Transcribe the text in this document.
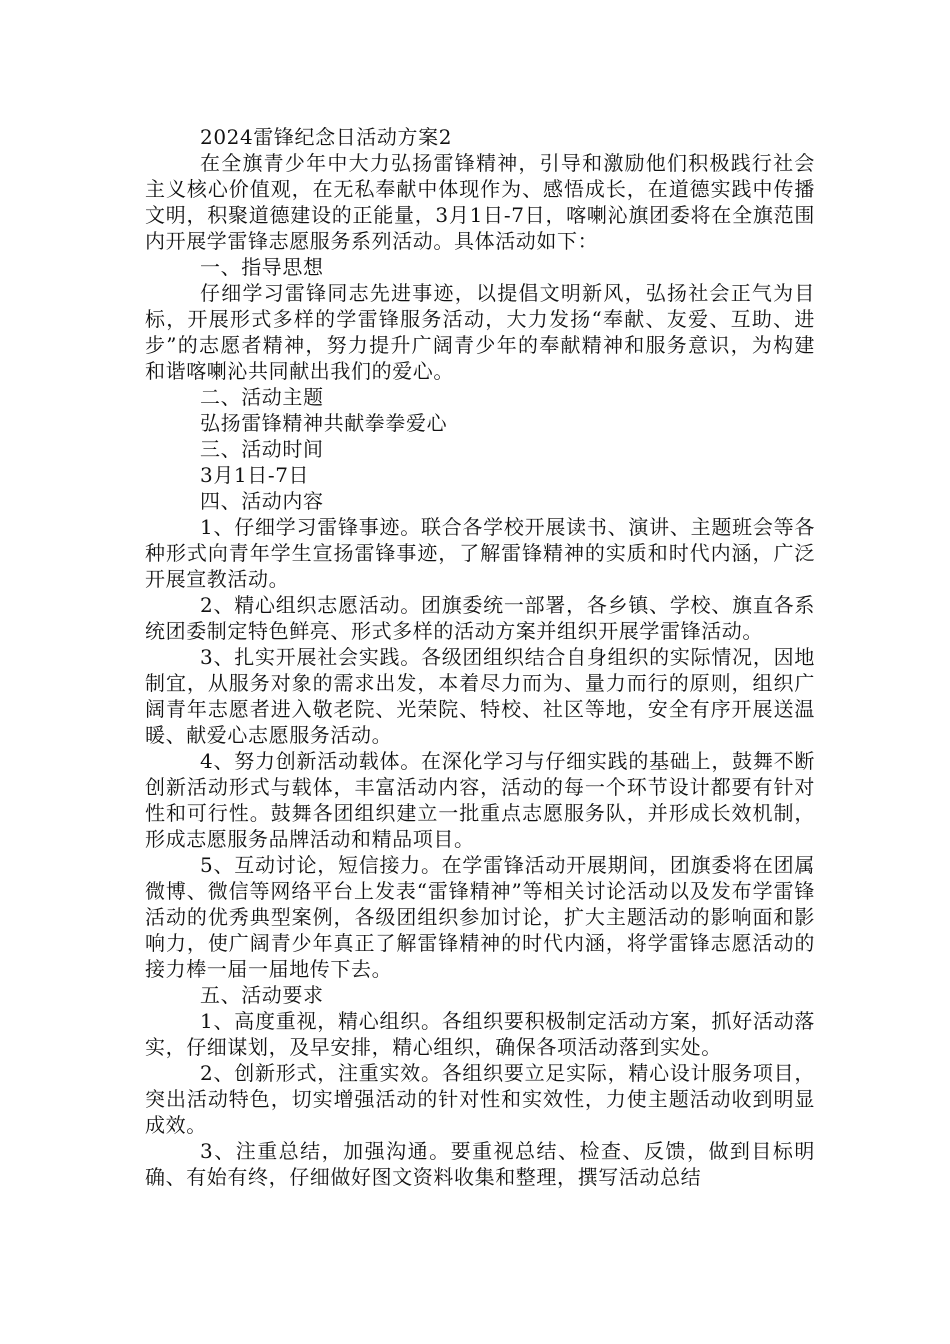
2024雷锋纪念日活动方案2

在全旗青少年中大力弘扬雷锋精神，引导和激励他们积极践行社会主义核心价值观，在无私奉献中体现作为、感悟成长，在道德实践中传播文明，积聚道德建设的正能量，3月1日-7日，喀喇沁旗团委将在全旗范围内开展学雷锋志愿服务系列活动。具体活动如下：

一、指导思想

仔细学习雷锋同志先进事迹，以提倡文明新风，弘扬社会正气为目标，开展形式多样的学雷锋服务活动，大力发扬“奉献、友爱、互助、进步”的志愿者精神，努力提升广阔青少年的奉献精神和服务意识，为构建和谐喀喇沁共同献出我们的爱心。

二、活动主题

弘扬雷锋精神共献拳拳爱心

三、活动时间

3月1日-7日

四、活动内容

1、仔细学习雷锋事迹。联合各学校开展读书、演讲、主题班会等各种形式向青年学生宣扬雷锋事迹，了解雷锋精神的实质和时代内涵，广泛开展宣教活动。

2、精心组织志愿活动。团旗委统一部署，各乡镇、学校、旗直各系统团委制定特色鲜亮、形式多样的活动方案并组织开展学雷锋活动。

3、扎实开展社会实践。各级团组织结合自身组织的实际情况，因地制宜，从服务对象的需求出发，本着尽力而为、量力而行的原则，组织广阔青年志愿者进入敬老院、光荣院、特校、社区等地，安全有序开展送温暖、献爱心志愿服务活动。

4、努力创新活动载体。在深化学习与仔细实践的基础上，鼓舞不断创新活动形式与载体，丰富活动内容，活动的每一个环节设计都要有针对性和可行性。鼓舞各团组织建立一批重点志愿服务队，并形成长效机制，形成志愿服务品牌活动和精品项目。

5、互动讨论，短信接力。在学雷锋活动开展期间，团旗委将在团属微博、微信等网络平台上发表“雷锋精神”等相关讨论活动以及发布学雷锋活动的优秀典型案例，各级团组织参加讨论，扩大主题活动的影响面和影响力，使广阔青少年真正了解雷锋精神的时代内涵，将学雷锋志愿活动的接力棒一届一届地传下去。

五、活动要求

1、高度重视，精心组织。各组织要积极制定活动方案，抓好活动落实，仔细谋划，及早安排，精心组织，确保各项活动落到实处。

2、创新形式，注重实效。各组织要立足实际，精心设计服务项目，突出活动特色，切实增强活动的针对性和实效性，力使主题活动收到明显成效。

3、注重总结，加强沟通。要重视总结、检查、反馈，做到目标明确、有始有终，仔细做好图文资料收集和整理，撰写活动总结
